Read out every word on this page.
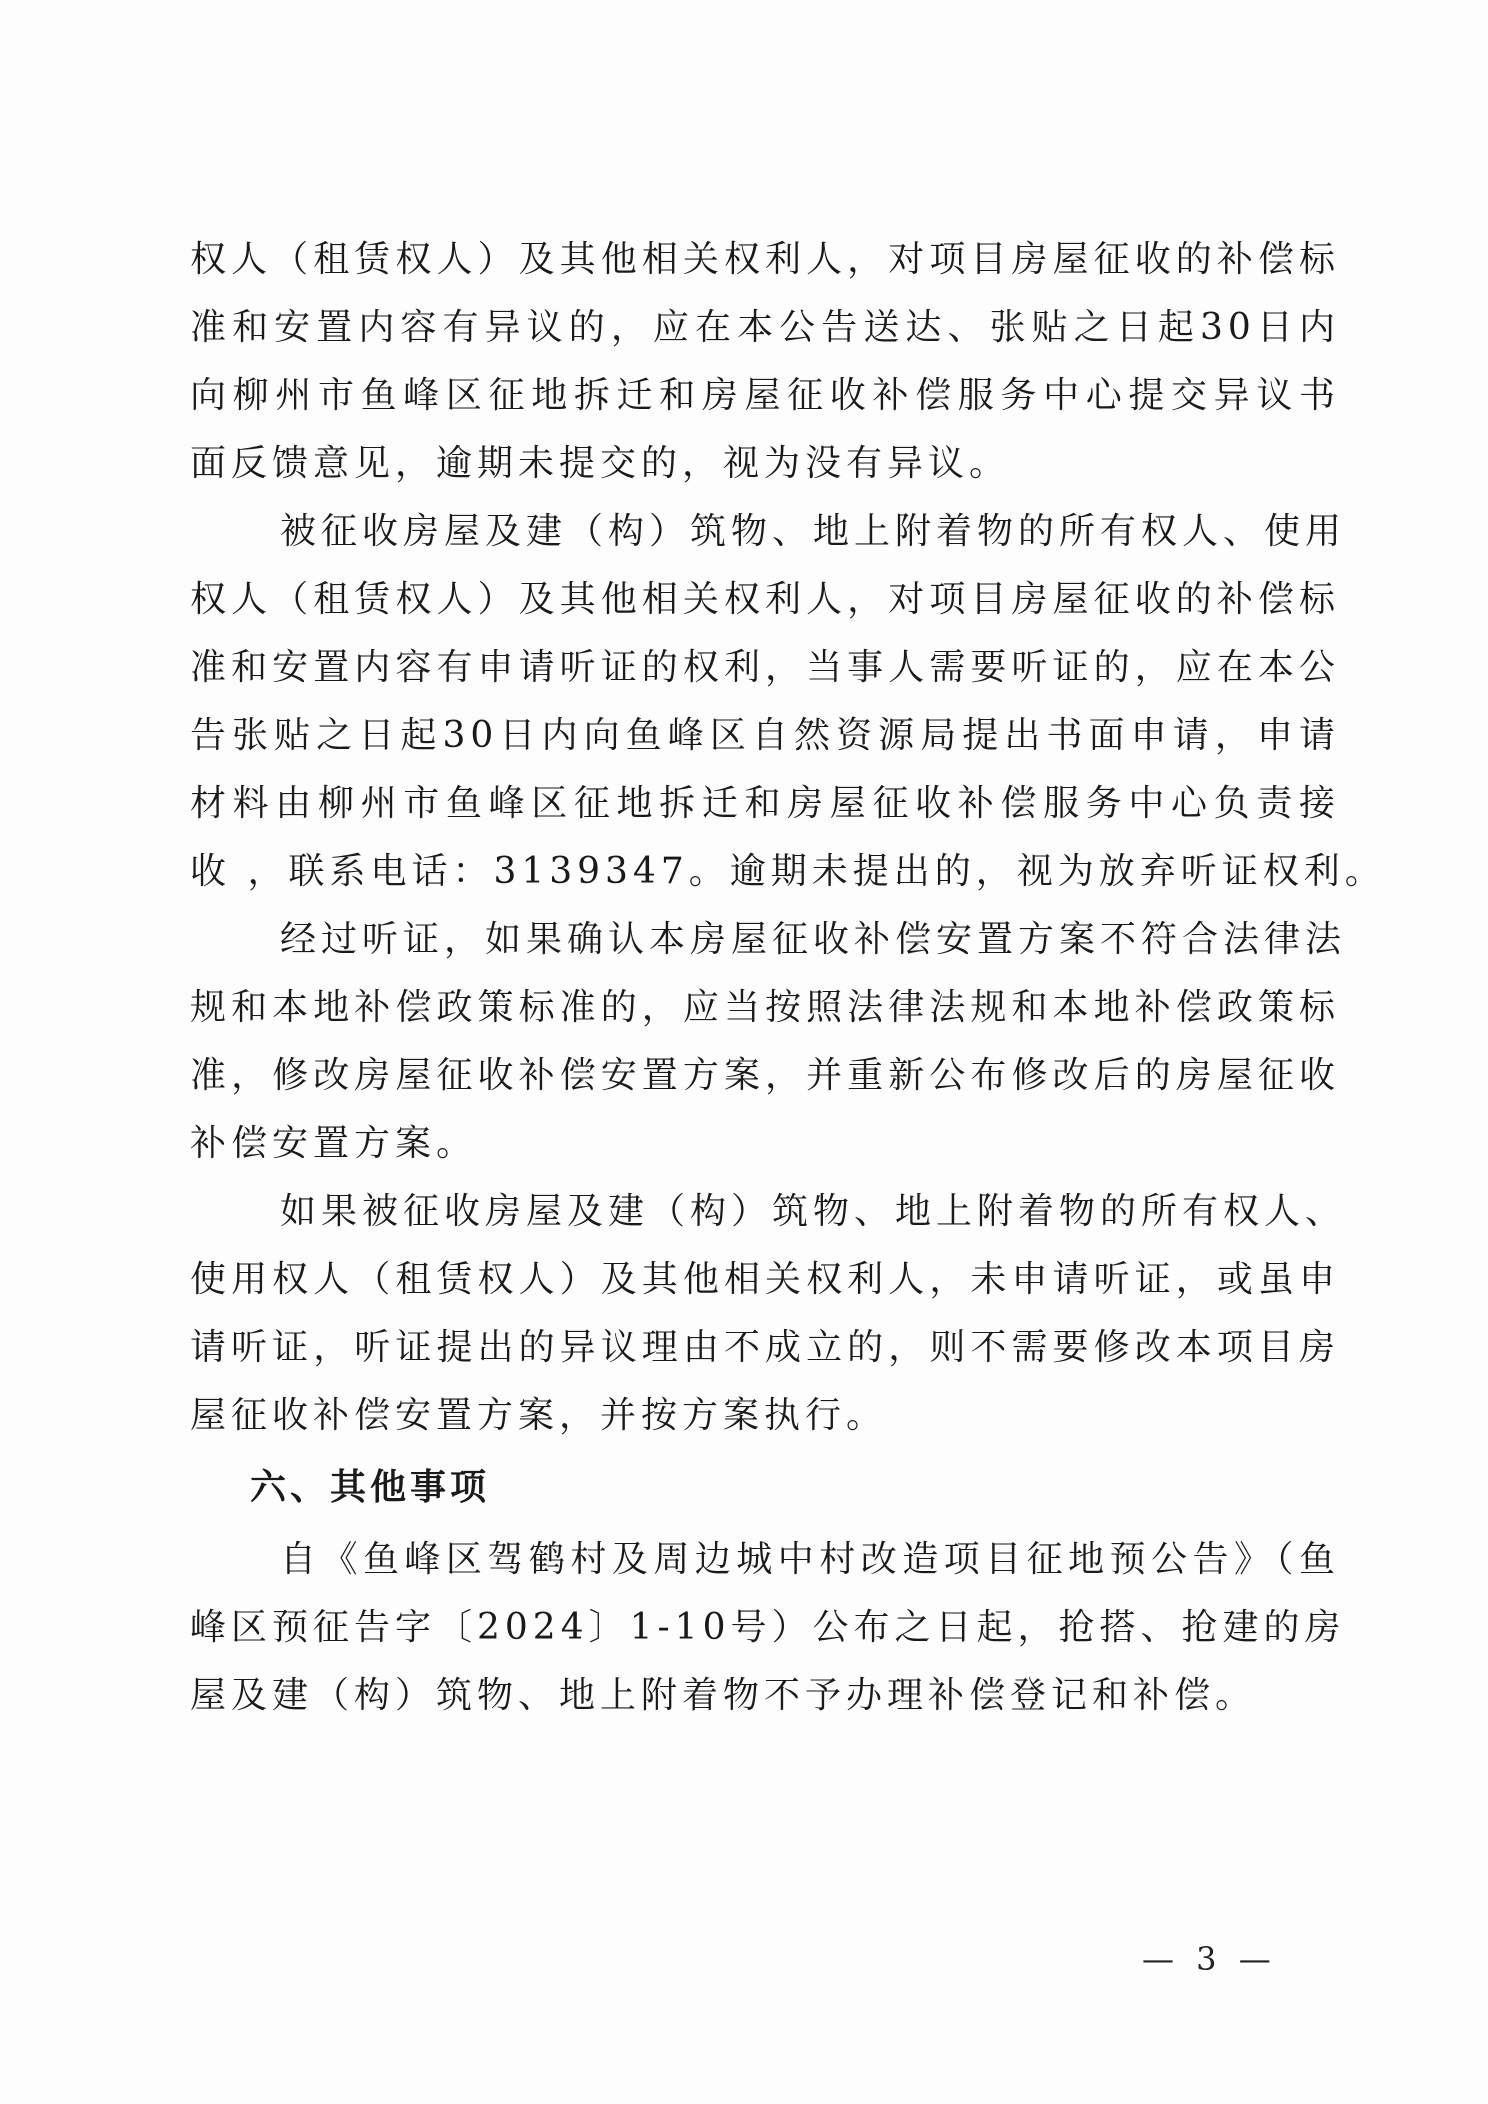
权人（租赁权人）及其他相关权利人，对项目房屋征收的补偿标
准和安置内容有异议的，应在本公告送达、张贴之日起30日内
向柳州市鱼峰区征地拆迁和房屋征收补偿服务中心提交异议书
面反馈意见，逾期未提交的，视为没有异议。
被征收房屋及建（构）筑物、地上附着物的所有权人、使用
权人（租赁权人）及其他相关权利人，对项目房屋征收的补偿标
准和安置内容有申请听证的权利，当事人需要听证的，应在本公
告张贴之日起30日内向鱼峰区自然资源局提出书面申请，申请
材料由柳州市鱼峰区征地拆迁和房屋征收补偿服务中心负责接
收 ，联系电话：3139347。逾期未提出的，视为放弃听证权利。
经过听证，如果确认本房屋征收补偿安置方案不符合法律法
规和本地补偿政策标准的，应当按照法律法规和本地补偿政策标
准，修改房屋征收补偿安置方案，并重新公布修改后的房屋征收
补偿安置方案。
如果被征收房屋及建（构）筑物、地上附着物的所有权人、
使用权人（租赁权人）及其他相关权利人，未申请听证，或虽申
请听证，听证提出的异议理由不成立的，则不需要修改本项目房
屋征收补偿安置方案，并按方案执行。
六、其他事项
自《鱼峰区驾鹤村及周边城中村改造项目征地预公告》（鱼
峰区预征告字〔2024〕1-10号）公布之日起，抢搭、抢建的房
屋及建（构）筑物、地上附着物不予办理补偿登记和补偿。
— 3 —
